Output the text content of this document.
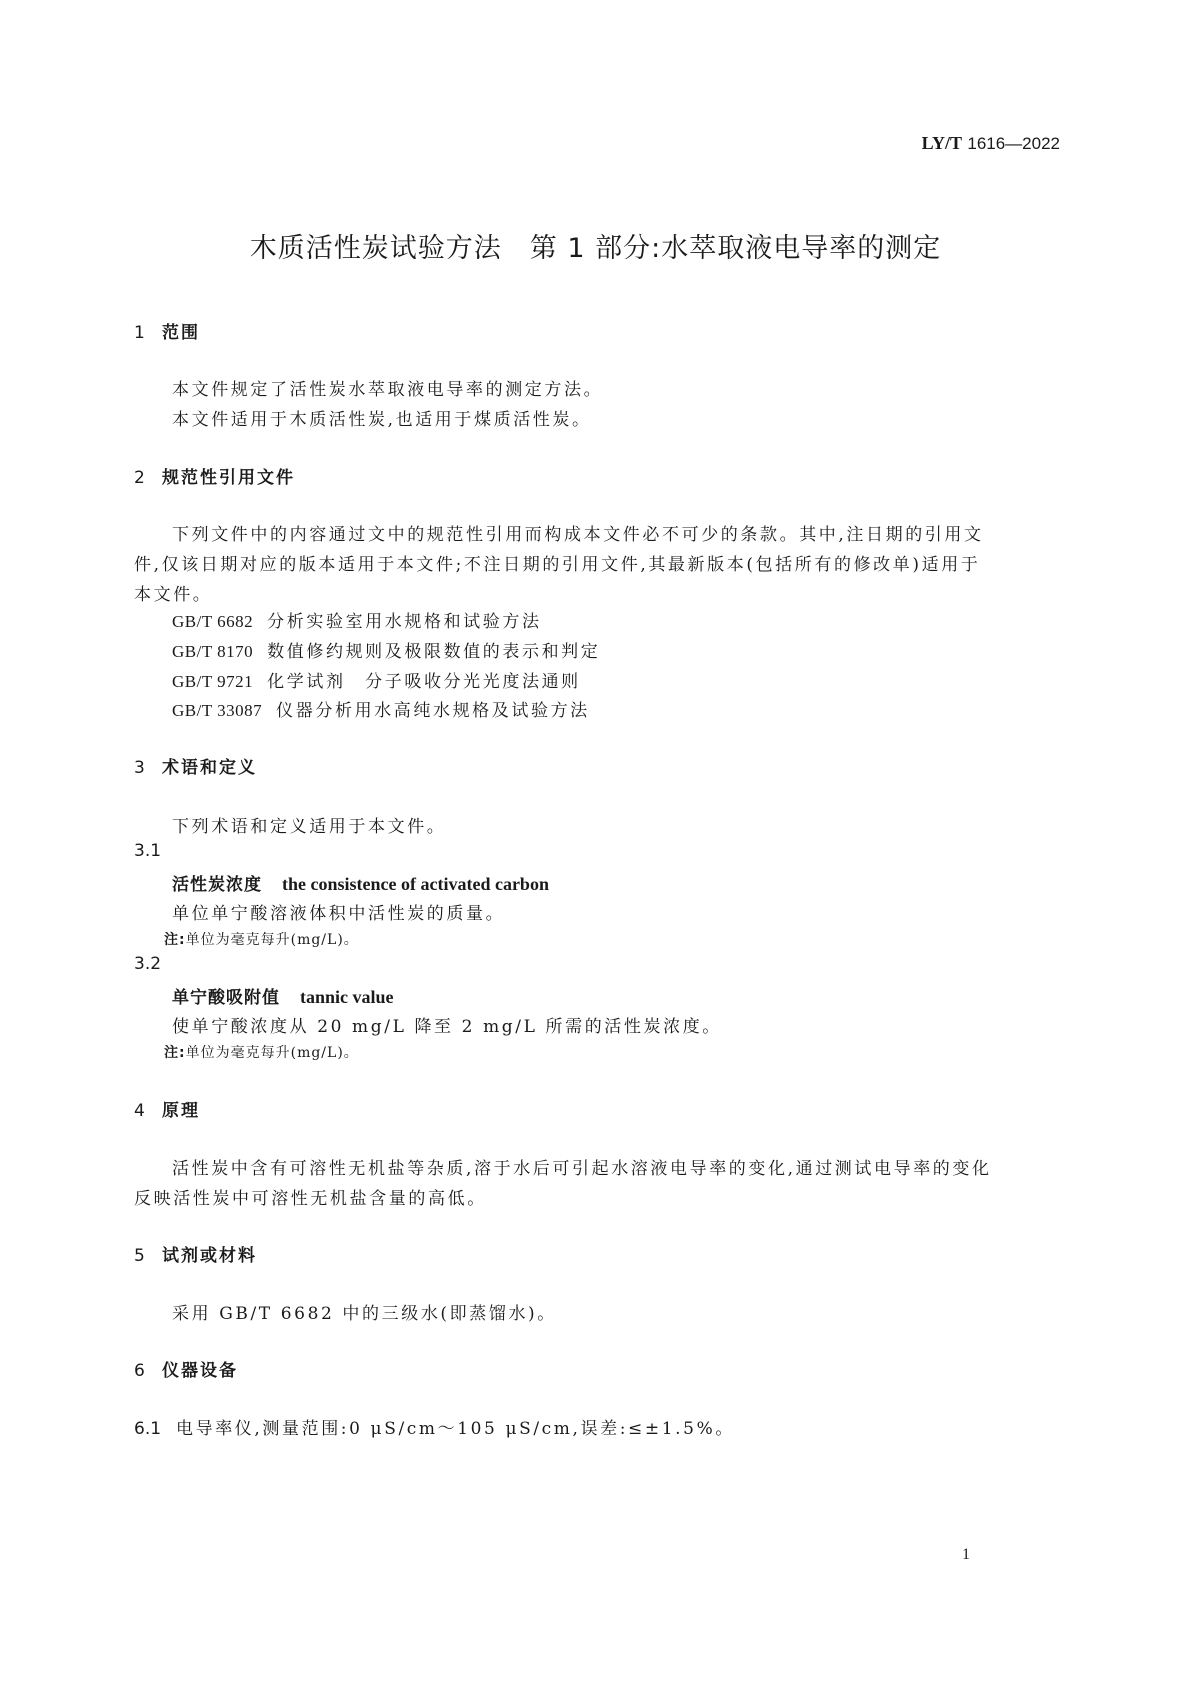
LY/T 1616—2022
木质活性炭试验方法　第 1 部分:水萃取液电导率的测定
1 范围
本文件规定了活性炭水萃取液电导率的测定方法。
本文件适用于木质活性炭,也适用于煤质活性炭。
2 规范性引用文件
下列文件中的内容通过文中的规范性引用而构成本文件必不可少的条款。其中,注日期的引用文
件,仅该日期对应的版本适用于本文件;不注日期的引用文件,其最新版本(包括所有的修改单)适用于
本文件。
GB/T 6682 分析实验室用水规格和试验方法
GB/T 8170 数值修约规则及极限数值的表示和判定
GB/T 9721 化学试剂　分子吸收分光光度法通则
GB/T 33087 仪器分析用水高纯水规格及试验方法
3 术语和定义
下列术语和定义适用于本文件。
3.1
活性炭浓度 the consistence of activated carbon
单位单宁酸溶液体积中活性炭的质量。
注:单位为毫克每升(mg/L)。
3.2
单宁酸吸附值 tannic value
使单宁酸浓度从 20 mg/L 降至 2 mg/L 所需的活性炭浓度。
注:单位为毫克每升(mg/L)。
4 原理
活性炭中含有可溶性无机盐等杂质,溶于水后可引起水溶液电导率的变化,通过测试电导率的变化
反映活性炭中可溶性无机盐含量的高低。
5 试剂或材料
采用 GB/T 6682 中的三级水(即蒸馏水)。
6 仪器设备
6.1 电导率仪,测量范围:0 μS/cm～105 μS/cm,误差:≤±1.5%。
1
